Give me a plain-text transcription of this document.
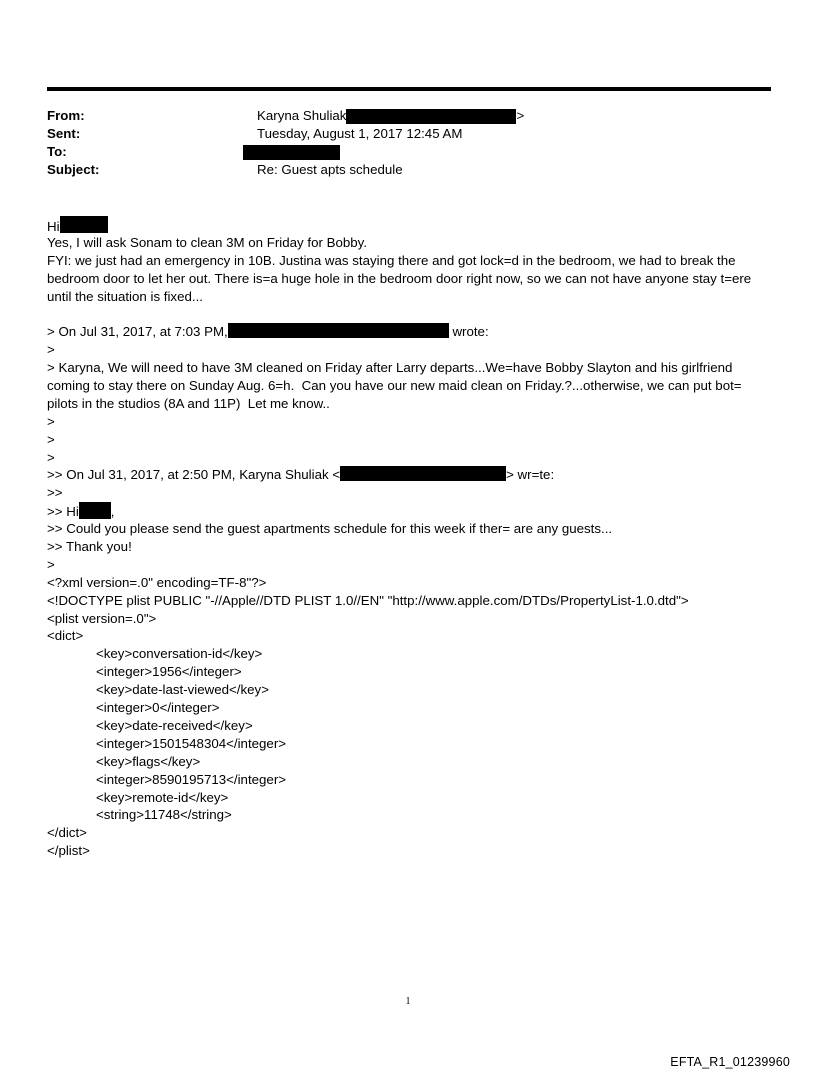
From:	Karyna Shuliak	>
Sent:	Tuesday, August 1, 2017 12:45 AM
To:
Subject:	Re: Guest apts schedule
Hi
Yes, I will ask Sonam to clean 3M on Friday for Bobby.
FYI: we just had an emergency in 10B. Justina was staying there and got lock=d in the bedroom, we had to break the
bedroom door to let her out. There is=a huge hole in the bedroom door right now, so we can not have anyone stay t=ere
until the situation is fixed...
> On Jul 31, 2017, at 7:03 PM,	wrote:
>
> Karyna, We will need to have 3M cleaned on Friday after Larry departs...We=have Bobby Slayton and his girlfriend
coming to stay there on Sunday Aug. 6=h.  Can you have our new maid clean on Friday.?...otherwise, we can put bot=
pilots in the studios (8A and 11P)  Let me know..
>
>
>
>> On Jul 31, 2017, at 2:50 PM, Karyna Shuliak <	> wr=te:
>>
>> Hi ,
>> Could you please send the guest apartments schedule for this week if ther= are any guests...
>> Thank you!
>
<?xml version=.0" encoding=TF-8"?>
<!DOCTYPE plist PUBLIC "-//Apple//DTD PLIST 1.0//EN" "http://www.apple.com/DTDs/PropertyList-1.0.dtd">
<plist version=.0">
<dict>
<key>conversation-id</key>
<integer>1956</integer>
<key>date-last-viewed</key>
<integer>0</integer>
<key>date-received</key>
<integer>1501548304</integer>
<key>flags</key>
<integer>8590195713</integer>
<key>remote-id</key>
<string>11748</string>
</dict>
</plist>
1
EFTA_R1_01239960
